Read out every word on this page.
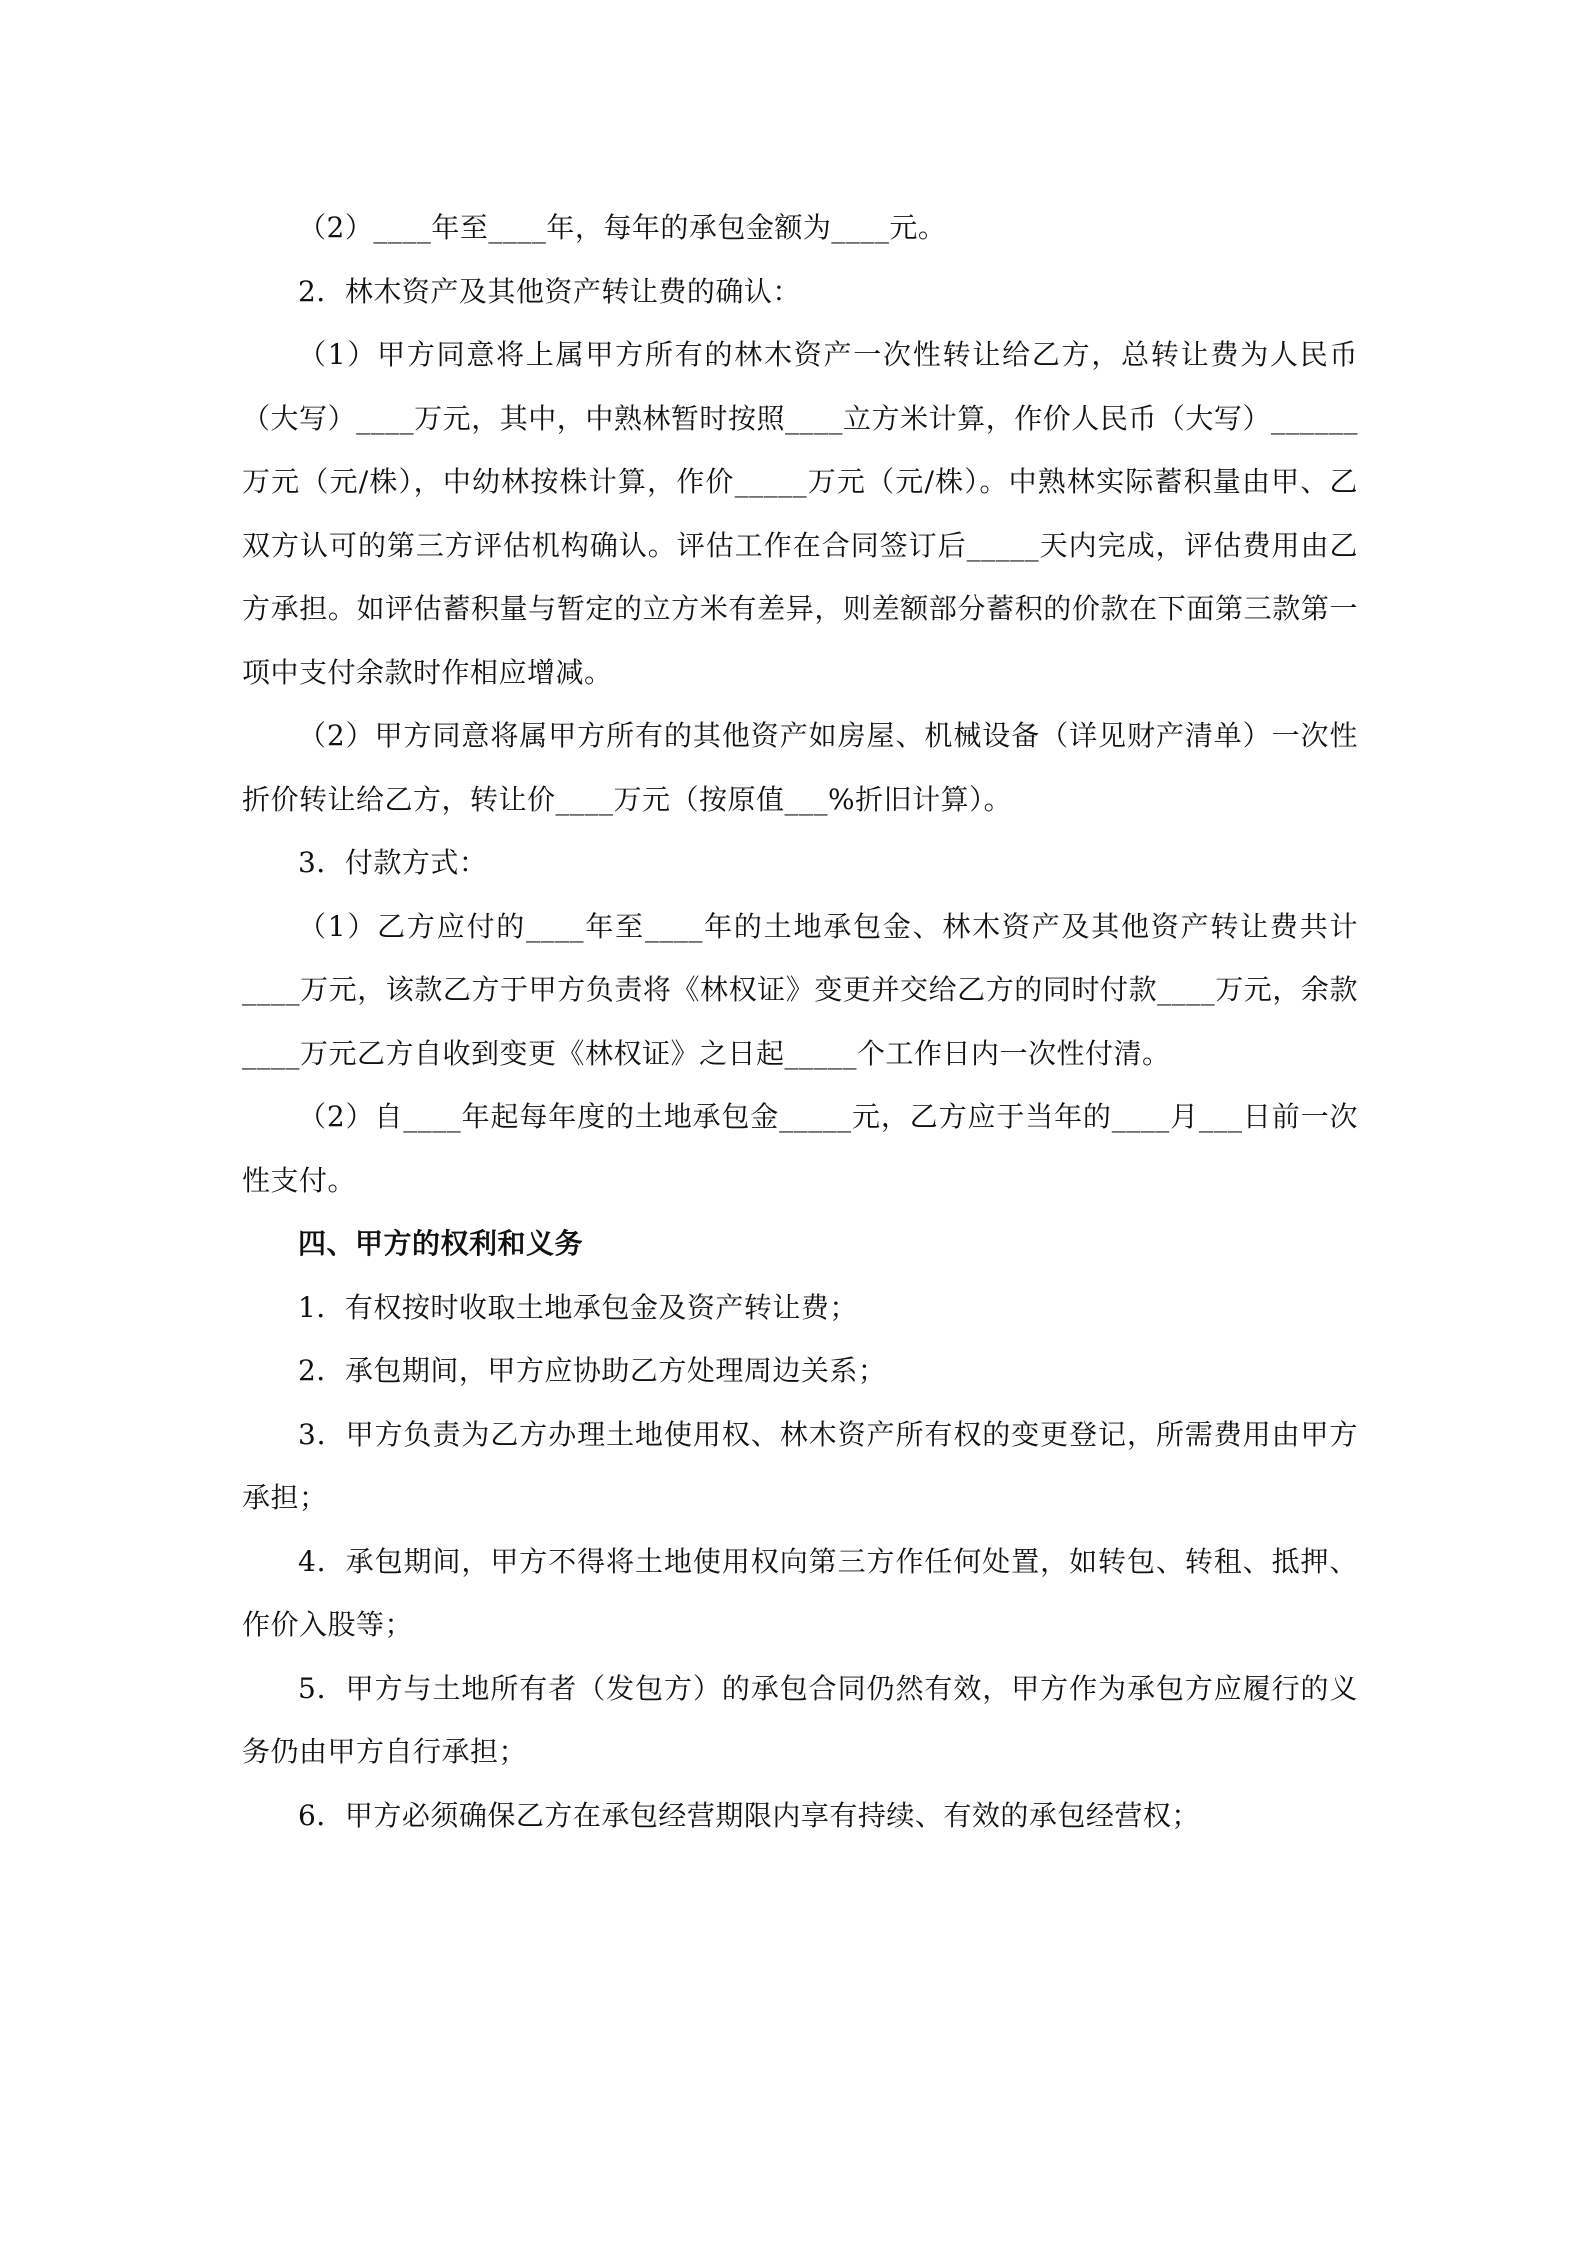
（2）____年至____年，每年的承包金额为____元。

2．林木资产及其他资产转让费的确认：

（1）甲方同意将上属甲方所有的林木资产一次性转让给乙方，总转让费为人民币（大写）____万元，其中，中熟林暂时按照____立方米计算，作价人民币（大写）______万元（元/株），中幼林按株计算，作价_____万元（元/株）。中熟林实际蓄积量由甲、乙双方认可的第三方评估机构确认。评估工作在合同签订后_____天内完成，评估费用由乙方承担。如评估蓄积量与暂定的立方米有差异，则差额部分蓄积的价款在下面第三款第一项中支付余款时作相应增减。

（2）甲方同意将属甲方所有的其他资产如房屋、机械设备（详见财产清单）一次性折价转让给乙方，转让价____万元（按原值___%折旧计算）。

3．付款方式：

（1）乙方应付的____年至____年的土地承包金、林木资产及其他资产转让费共计____万元，该款乙方于甲方负责将《林权证》变更并交给乙方的同时付款____万元，余款____万元乙方自收到变更《林权证》之日起_____个工作日内一次性付清。

（2）自____年起每年度的土地承包金_____元，乙方应于当年的____月___日前一次性支付。

四、甲方的权利和义务

1．有权按时收取土地承包金及资产转让费；

2．承包期间，甲方应协助乙方处理周边关系；

3．甲方负责为乙方办理土地使用权、林木资产所有权的变更登记，所需费用由甲方承担；

4．承包期间，甲方不得将土地使用权向第三方作任何处置，如转包、转租、抵押、作价入股等；

5．甲方与土地所有者（发包方）的承包合同仍然有效，甲方作为承包方应履行的义务仍由甲方自行承担；

6．甲方必须确保乙方在承包经营期限内享有持续、有效的承包经营权；
